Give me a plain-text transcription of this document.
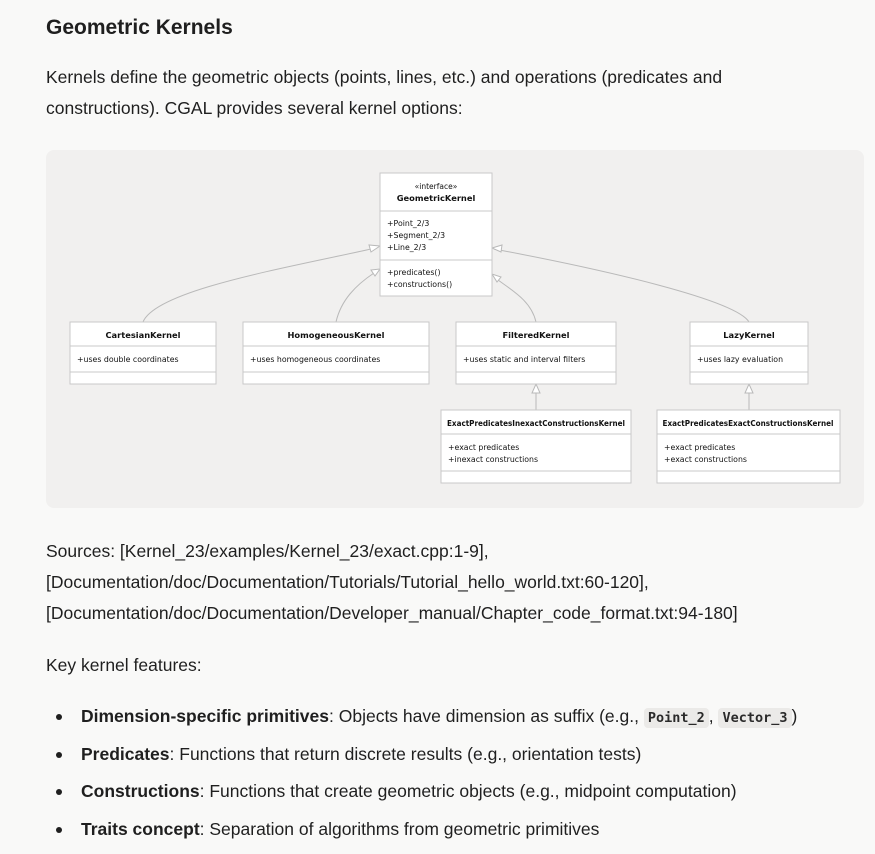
Geometric Kernels

Kernels define the geometric objects (points, lines, etc.) and operations (predicates and constructions). CGAL provides several kernel options:

«interface»
GeometricKernel
+Point_2/3
+Segment_2/3
+Line_2/3
+predicates()
+constructions()
CartesianKernel
+uses double coordinates
HomogeneousKernel
+uses homogeneous coordinates
FilteredKernel
+uses static and interval filters
LazyKernel
+uses lazy evaluation
ExactPredicatesInexactConstructionsKernel
+exact predicates
+inexact constructions
ExactPredicatesExactConstructionsKernel
+exact predicates
+exact constructions

Sources: [Kernel_23/examples/Kernel_23/exact.cpp:1-9],
[Documentation/doc/Documentation/Tutorials/Tutorial_hello_world.txt:60-120],
[Documentation/doc/Documentation/Developer_manual/Chapter_code_format.txt:94-180]

Key kernel features:

Dimension-specific primitives: Objects have dimension as suffix (e.g., Point_2 , Vector_3 )
Predicates: Functions that return discrete results (e.g., orientation tests)
Constructions: Functions that create geometric objects (e.g., midpoint computation)
Traits concept: Separation of algorithms from geometric primitives
